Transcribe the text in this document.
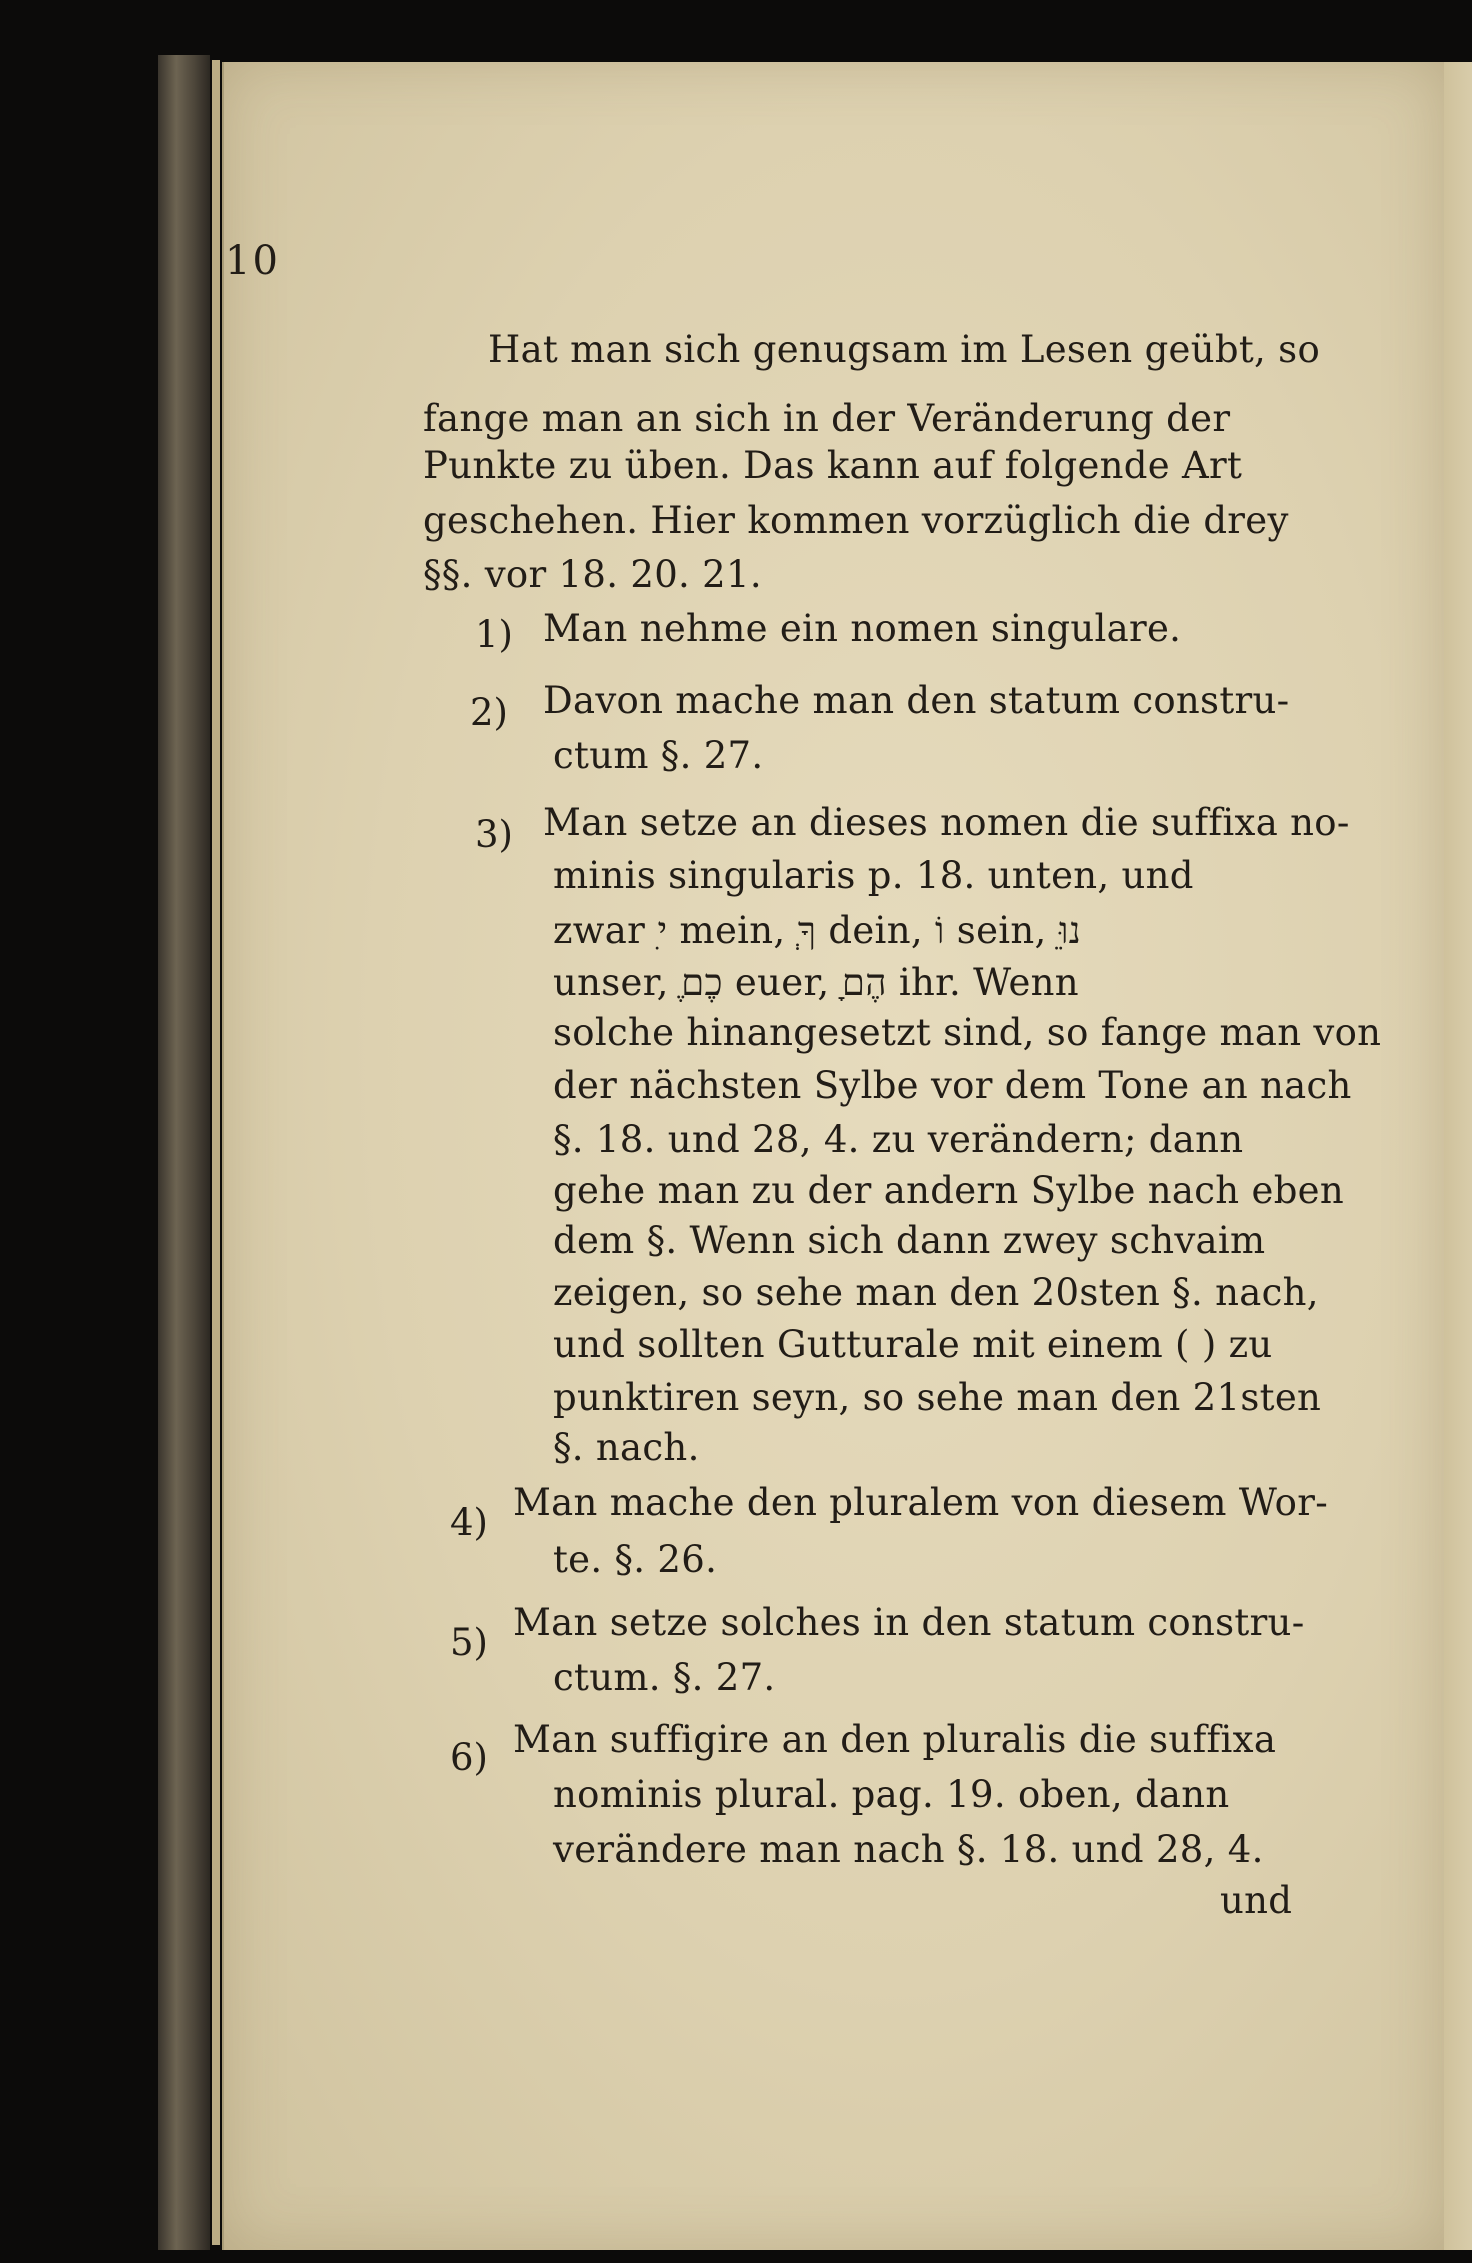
10
Hat man sich genugsam im Lesen geübt, so
fange man an sich in der Veränderung der
Punkte zu üben. Das kann auf folgende Art
geschehen. Hier kommen vorzüglich die drey
§§. vor 18. 20. 21.
1) Man nehme ein nomen singulare.
2) Davon mache man den statum constru-
ctum §. 27.
3) Man setze an dieses nomen die suffixa no-
minis singularis p. 18. unten, und
zwar ִי mein, ְךָ dein, וֹ sein, ֵנוּ
unser, ֶכֶם euer, ָהֶם ihr. Wenn
solche hinangesetzt sind, so fange man von
der nächsten Sylbe vor dem Tone an nach
§. 18. und 28, 4. zu verändern; dann
gehe man zu der andern Sylbe nach eben
dem §. Wenn sich dann zwey schvaim
zeigen, so sehe man den 20sten §. nach,
und sollten Gutturale mit einem ( ) zu
punktiren seyn, so sehe man den 21sten
§. nach.
4) Man mache den pluralem von diesem Wor-
te. §. 26.
5) Man setze solches in den statum constru-
ctum. §. 27.
6) Man suffigire an den pluralis die suffixa
nominis plural. pag. 19. oben, dann
verändere man nach §. 18. und 28, 4.
und
